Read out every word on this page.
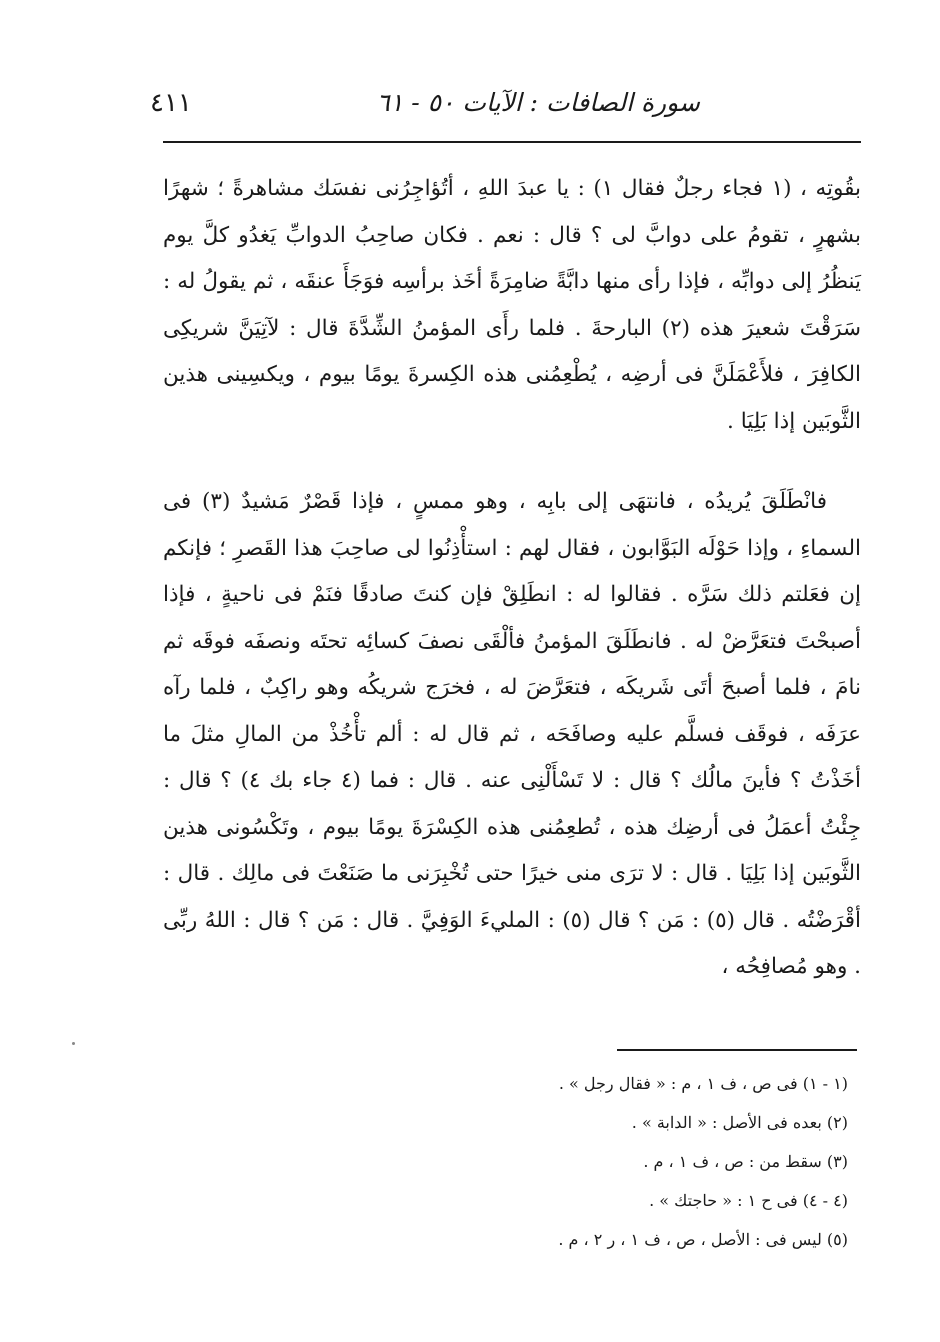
سورة الصافات : الآيات ٥٠ - ٦١
٤١١

بقُوتِه ، (١ فجاء رجلٌ فقال ١) : يا عبدَ اللهِ ، أتُؤاجِرُنى نفسَك مشاهرةً ؛ شهرًا بشهرٍ ، تقومُ على دوابَّ لى ؟ قال : نعم . فكان صاحِبُ الدوابِّ يَغدُو كلَّ يوم يَنظُرُ إلى دوابِّه ، فإذا رأى منها دابَّةً ضامِرَةً أخَذ برأسِه فوَجَأَ عنقَه ، ثم يقولُ له : سَرَقْتَ شعيرَ هذه (٢) البارحةَ . فلما رأَى المؤمنُ الشِّدَّةَ قال : لآتِيَنَّ شريكِى الكافِرَ ، فلأَعْمَلَنَّ فى أرضِه ، يُطْعِمُنى هذه الكِسرةَ يومًا بيوم ، ويكسِينى هذين الثَّوبَين إذا بَلِيَا .

فانْطَلَقَ يُريدُه ، فانتهَى إلى بابِه ، وهو ممسٍ ، فإذا قَصْرٌ مَشيدٌ (٣) فى السماءِ ، وإذا حَوْلَه البَوَّابون ، فقال لهم : استأْذِنُوا لى صاحِبَ هذا القَصرِ ؛ فإنكم إن فعَلتم ذلك سَرَّه . فقالوا له : انطَلِقْ فإن كنتَ صادقًا فنَمْ فى ناحيةٍ ، فإذا أصبحْتَ فتعَرَّضْ له . فانطَلَقَ المؤمنُ فألْقَى نصفَ كسائِه تحتَه ونصفَه فوقَه ثم نامَ ، فلما أصبحَ أتَى شَريكَه ، فتعَرَّضَ له ، فخرَج شريكُه وهو راكِبٌ ، فلما رآه عرَفَه ، فوقَف فسلَّم عليه وصافَحَه ، ثم قال له : ألم تأْخُذْ من المالِ مثلَ ما أخَذْتُ ؟ فأينَ مالُك ؟ قال : لا تَسْأَلْنِى عنه . قال : فما (٤ جاء بك ٤) ؟ قال : جِئْتُ أعمَلُ فى أرضِك هذه ، تُطعِمُنى هذه الكِسْرَةَ يومًا بيوم ، وتَكْسُونى هذين الثَّوبَين إذا بَلِيَا . قال : لا ترَى منى خيرًا حتى تُخْبِرَنى ما صَنَعْتَ فى مالِك . قال : أقْرَضْتُه . قال (٥) : مَن ؟ قال (٥) : المليءَ الوَفِيَّ . قال : مَن ؟ قال : اللهُ ربِّى . وهو مُصافِحُه ،

(١ - ١) فى ص ، ف ١ ، م : « فقال رجل » .
(٢) بعده فى الأصل : « الدابة » .
(٣) سقط من : ص ، ف ١ ، م .
(٤ - ٤) فى ح ١ : « حاجتك » .
(٥) ليس فى : الأصل ، ص ، ف ١ ، ر ٢ ، م .
